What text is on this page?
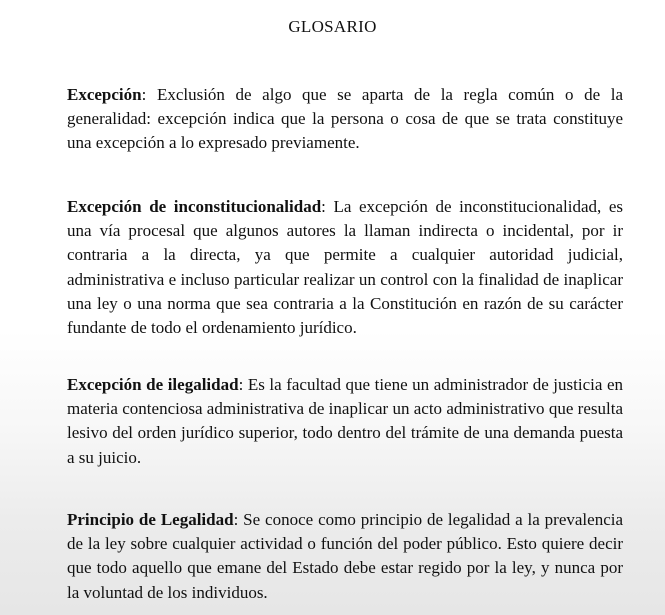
GLOSARIO

Excepción: Exclusión de algo que se aparta de la regla común o de la generalidad: excepción indica que la persona o cosa de que se trata constituye una excepción a lo expresado previamente.

Excepción de inconstitucionalidad: La excepción de inconstitucionalidad, es una vía procesal que algunos autores la llaman indirecta o incidental, por ir contraria a la directa, ya que permite a cualquier autoridad judicial, administrativa e incluso particular realizar un control con la finalidad de inaplicar una ley o una norma que sea contraria a la Constitución en razón de su carácter fundante de todo el ordenamiento jurídico.

Excepción de ilegalidad: Es la facultad que tiene un administrador de justicia en materia contenciosa administrativa de inaplicar un acto administrativo que resulta lesivo del orden jurídico superior, todo dentro del trámite de una demanda puesta a su juicio.

Principio de Legalidad: Se conoce como principio de legalidad a la prevalencia de la ley sobre cualquier actividad o función del poder público. Esto quiere decir que todo aquello que emane del Estado debe estar regido por la ley, y nunca por la voluntad de los individuos.
